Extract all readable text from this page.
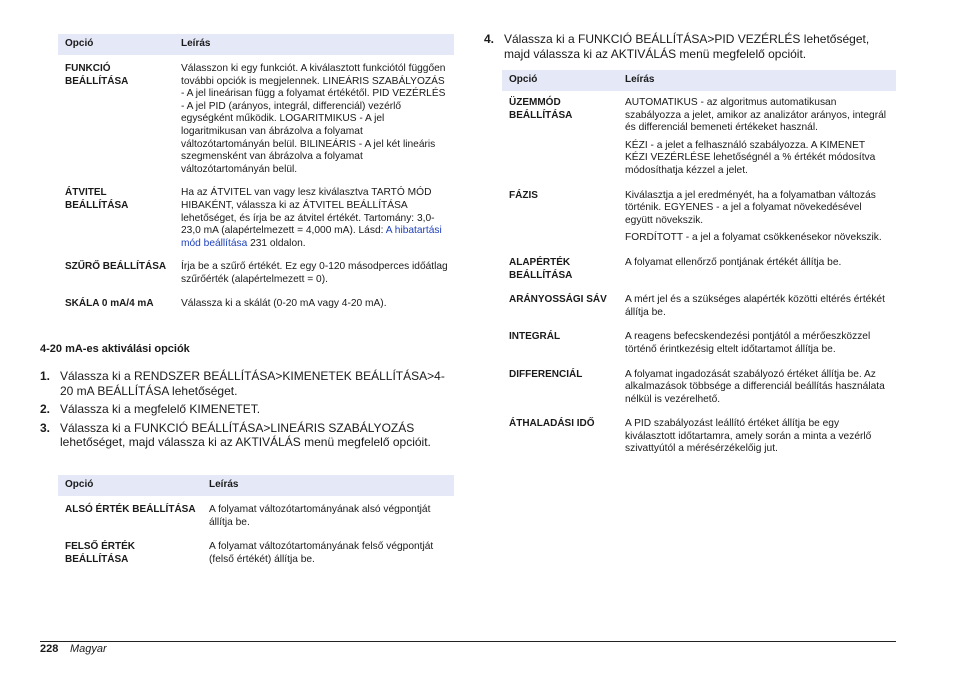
Opció	Leírás
FUNKCIÓ BEÁLLÍTÁSA	Válasszon ki egy funkciót. A kiválasztott funkciótól függően további opciók is megjelennek. LINEÁRIS SZABÁLYOZÁS - A jel lineárisan függ a folyamat értékétől. PID VEZÉRLÉS - A jel PID (arányos, integrál, differenciál) vezérlő egységként működik. LOGARITMIKUS - A jel logaritmikusan van ábrázolva a folyamat változótartományán belül. BILINEÁRIS - A jel két lineáris szegmensként van ábrázolva a folyamat változótartományán belül.
ÁTVITEL BEÁLLÍTÁSA	Ha az ÁTVITEL van vagy lesz kiválasztva TARTÓ MÓD HIBAKÉNT, válassza ki az ÁTVITEL BEÁLLÍTÁSA lehetőséget, és írja be az átvitel értékét. Tartomány: 3,0-23,0 mA (alapértelmezett = 4,000 mA). Lásd: A hibatartási mód beállítása 231 oldalon.
SZŰRŐ BEÁLLÍTÁSA	Írja be a szűrő értékét. Ez egy 0-120 másodperces időátlag szűrőérték (alapértelmezett = 0).
SKÁLA 0 mA/4 mA	Válassza ki a skálát (0-20 mA vagy 4-20 mA).
4-20 mA-es aktiválási opciók
1. Válassza ki a RENDSZER BEÁLLÍTÁSA>KIMENETEK BEÁLLÍTÁSA>4-20 mA BEÁLLÍTÁSA lehetőséget.
2. Válassza ki a megfelelő KIMENETET.
3. Válassza ki a FUNKCIÓ BEÁLLÍTÁSA>LINEÁRIS SZABÁLYOZÁS lehetőséget, majd válassza ki az AKTIVÁLÁS menü megfelelő opcióit.
Opció	Leírás
ALSÓ ÉRTÉK BEÁLLÍTÁSA	A folyamat változótartományának alsó végpontját állítja be.
FELSŐ ÉRTÉK BEÁLLÍTÁSA	A folyamat változótartományának felső végpontját (felső értékét) állítja be.
4. Válassza ki a FUNKCIÓ BEÁLLÍTÁSA>PID VEZÉRLÉS lehetőséget, majd válassza ki az AKTIVÁLÁS menü megfelelő opcióit.
Opció	Leírás
ÜZEMMÓD BEÁLLÍTÁSA	AUTOMATIKUS - az algoritmus automatikusan szabályozza a jelet, amikor az analizátor arányos, integrál és differenciál bemeneti értékeket használ.

KÉZI - a jelet a felhasználó szabályozza. A KIMENET KÉZI VEZÉRLÉSE lehetőségnél a % értékét módosítva módosíthatja kézzel a jelet.

FÁZIS	Kiválasztja a jel eredményét, ha a folyamatban változás történik. EGYENES - a jel a folyamat növekedésével együtt növekszik.

FORDÍTOTT - a jel a folyamat csökkenésekor növekszik.

ALAPÉRTÉK BEÁLLÍTÁSA	A folyamat ellenőrző pontjának értékét állítja be.
ARÁNYOSSÁGI SÁV	A mért jel és a szükséges alapérték közötti eltérés értékét állítja be.
INTEGRÁL	A reagens befecskendezési pontjától a mérőeszközzel történő érintkezésig eltelt időtartamot állítja be.
DIFFERENCIÁL	A folyamat ingadozását szabályozó értéket állítja be. Az alkalmazások többsége a differenciál beállítás használata nélkül is vezérelhető.
ÁTHALADÁSI IDŐ	A PID szabályozást leállító értéket állítja be egy kiválasztott időtartamra, amely során a minta a vezérlő szivattyútól a mérésérzékelőig jut.
228 Magyar
